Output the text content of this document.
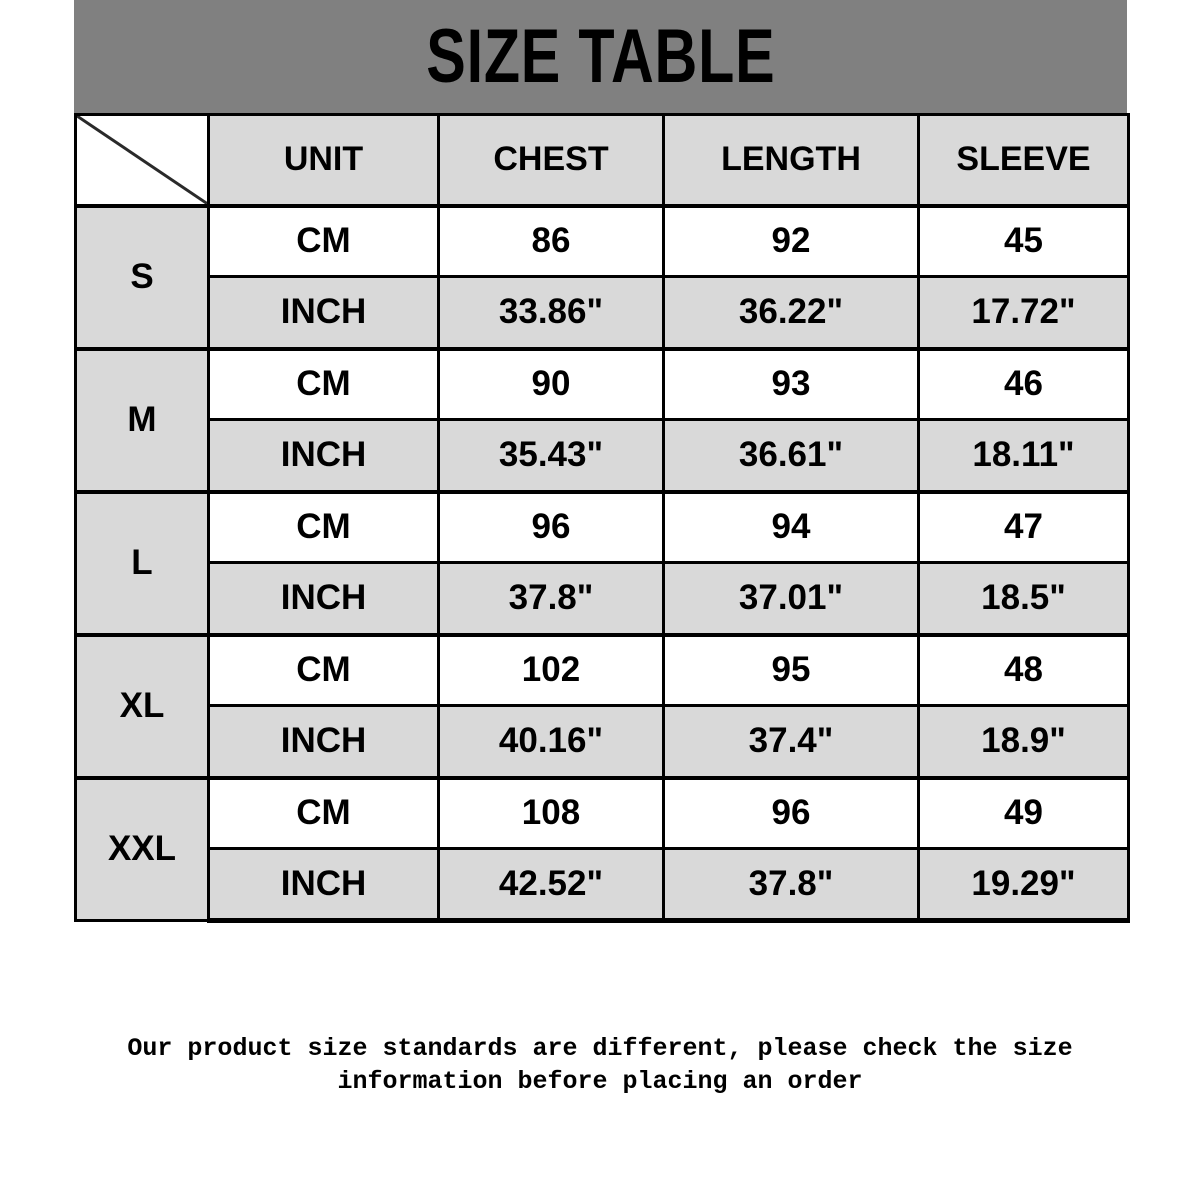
SIZE TABLE
	UNIT	CHEST	LENGTH	SLEEVE
S	CM	86	92	45
	INCH	33.86"	36.22"	17.72"
M	CM	90	93	46
	INCH	35.43"	36.61"	18.11"
L	CM	96	94	47
	INCH	37.8"	37.01"	18.5"
XL	CM	102	95	48
	INCH	40.16"	37.4"	18.9"
XXL	CM	108	96	49
	INCH	42.52"	37.8"	19.29"
Our product size standards are different, please check the size
information before placing an order
